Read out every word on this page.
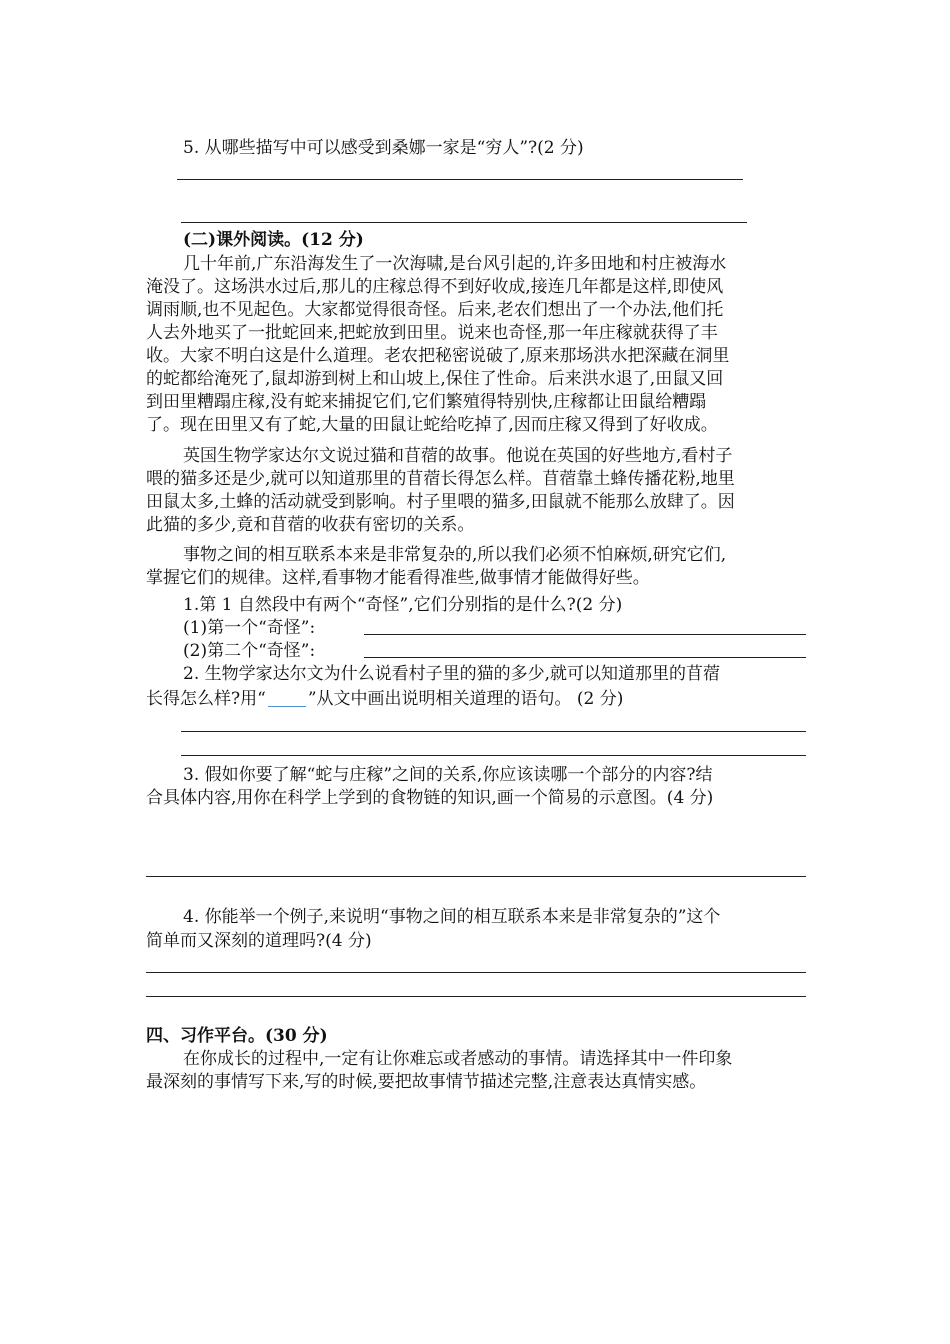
5. 从哪些描写中可以感受到桑娜一家是“穷人”?(2 分)
(二)课外阅读。(12 分)
几十年前,广东沿海发生了一次海啸,是台风引起的,许多田地和村庄被海水
淹没了。这场洪水过后,那儿的庄稼总得不到好收成,接连几年都是这样,即使风
调雨顺,也不见起色。大家都觉得很奇怪。后来,老农们想出了一个办法,他们托
人去外地买了一批蛇回来,把蛇放到田里。说来也奇怪,那一年庄稼就获得了丰
收。大家不明白这是什么道理。老农把秘密说破了,原来那场洪水把深藏在洞里
的蛇都给淹死了,鼠却游到树上和山坡上,保住了性命。后来洪水退了,田鼠又回
到田里糟蹋庄稼,没有蛇来捕捉它们,它们繁殖得特别快,庄稼都让田鼠给糟蹋
了。现在田里又有了蛇,大量的田鼠让蛇给吃掉了,因而庄稼又得到了好收成。
英国生物学家达尔文说过猫和苜蓿的故事。他说在英国的好些地方,看村子
喂的猫多还是少,就可以知道那里的苜蓿长得怎么样。苜蓿靠土蜂传播花粉,地里
田鼠太多,土蜂的活动就受到影响。村子里喂的猫多,田鼠就不能那么放肆了。因
此猫的多少,竟和苜蓿的收获有密切的关系。
事物之间的相互联系本来是非常复杂的,所以我们必须不怕麻烦,研究它们,
掌握它们的规律。这样,看事物才能看得准些,做事情才能做得好些。
1.第 1 自然段中有两个“奇怪”,它们分别指的是什么?(2 分)
(1)第一个“奇怪”:
(2)第二个“奇怪”:
2. 生物学家达尔文为什么说看村子里的猫的多少,就可以知道那里的苜蓿
长得怎么样?用“ ”从文中画出说明相关道理的语句。 (2 分)
3. 假如你要了解“蛇与庄稼”之间的关系,你应该读哪一个部分的内容?结
合具体内容,用你在科学上学到的食物链的知识,画一个简易的示意图。(4 分)
4. 你能举一个例子,来说明“事物之间的相互联系本来是非常复杂的”这个
简单而又深刻的道理吗?(4 分)
四、习作平台。(30 分)
在你成长的过程中,一定有让你难忘或者感动的事情。请选择其中一件印象
最深刻的事情写下来,写的时候,要把故事情节描述完整,注意表达真情实感。
